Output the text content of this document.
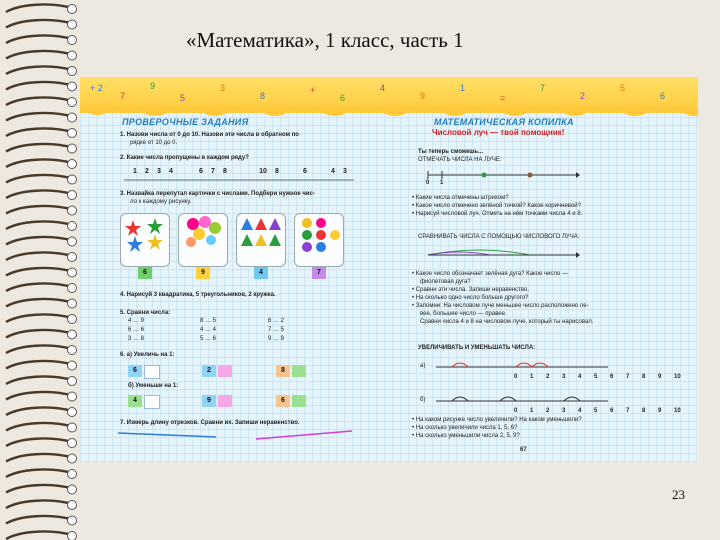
«Математика», 1 класс, часть 1
+ 2
7
9
5
3
8
+
6
4
9
1
=
7
2
5
6
ПРОВЕРОЧНЫЕ ЗАДАНИЯ
1. Назови числа от 0 до 10. Назови эти числа в обратном по
рядке от 10 до 0.
2. Какие числа пропущены в каждом ряду?
1	2	3	4	6	7	8	10	8	6	4	3
3. Назвайка перепутал карточки с числами. Подбери нужное чис-
ло к каждому рисунку.
6	9	4	7
4. Нарисуй 3 квадратика, 5 треугольников, 2 кружка.
5. Сравни числа:
4 … 9	8 … 5	6 … 2
6 … 6	4 … 4	7 … 5
3 … 8	5 … 6	9 … 9
6. а) Увеличь на 1:
6	2	8
б) Уменьши на 1:
4	9	6
7. Измерь длину отрезков. Сравни их. Запиши неравенство.
МАТЕМАТИЧЕСКАЯ КОПИЛКА
Числовой луч — твой помощник!
Ты теперь сможешь...
ОТМЕЧАТЬ ЧИСЛА НА ЛУЧЕ:
0 1
• Какие числа отмечены штрихом?
• Какое число отмечено зелёной точкой? Какое коричневой?
• Нарисуй числовой луч. Отметь на нём точками числа 4 и 8.
СРАВНИВАТЬ ЧИСЛА С ПОМОЩЬЮ ЧИСЛОВОГО ЛУЧА:
• Какое число обозначает зелёная дуга? Какое число —
фиолетовая дуга?
• Сравни эти числа. Запиши неравенство.
• На сколько одно число больше другого?
• Запомни: На числовом луче меньшее число расположено ле-
вее, большее число — правее.
Сравни числа 4 и 8 на числовом луче, который ты нарисовал.
УВЕЛИЧИВАТЬ И УМЕНЬШАТЬ ЧИСЛА:
а)
0 1 2 3 4 5 6 7 8 9 10
б)
0 1 2 3 4 5 6 7 8 9 10
• На каком рисунке число увеличили? На каком уменьшили?
• На сколько увеличили числа 1, 5, 6?
• На сколько уменьшили числа 2, 5, 9?
67
23
